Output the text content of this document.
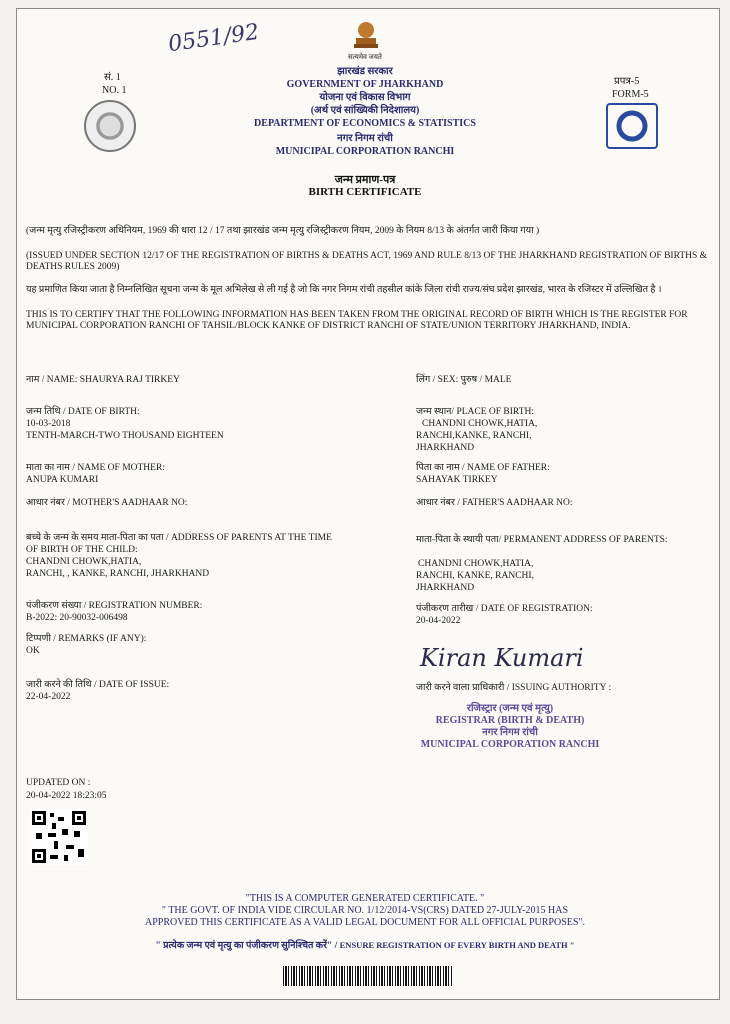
0551/92
सं. 1
NO. 1
प्रपत्र-5
FORM-5
सत्यमेव जयते
झारखंड सरकार
GOVERNMENT OF JHARKHAND
योजना एवं विकास विभाग
(अर्थ एवं सांख्यिकी निदेशालय)
DEPARTMENT OF ECONOMICS & STATISTICS
नगर निगम रांची
MUNICIPAL CORPORATION RANCHI
जन्म प्रमाण-पत्र
BIRTH CERTIFICATE
(जन्म मृत्यु रजिस्ट्रीकरण अधिनियम, 1969 की धारा 12 / 17 तथा झारखंड जन्म मृत्यु रजिस्ट्रीकरण नियम, 2009 के नियम 8/13 के अंतर्गत जारी किया गया )
(ISSUED UNDER SECTION 12/17 OF THE REGISTRATION OF BIRTHS & DEATHS ACT, 1969 AND RULE 8/13 OF THE JHARKHAND REGISTRATION OF BIRTHS & DEATHS RULES 2009)
यह प्रमाणित किया जाता है निम्नलिखित सूचना जन्म के मूल अभिलेख से ली गई है जो कि नगर निगम रांची तहसील कांके जिला रांची राज्य/संघ प्रदेश झारखंड, भारत के रजिस्टर में उल्लिखित है ।
THIS IS TO CERTIFY THAT THE FOLLOWING INFORMATION HAS BEEN TAKEN FROM THE ORIGINAL RECORD OF BIRTH WHICH IS THE REGISTER FOR MUNICIPAL CORPORATION RANCHI OF TAHSIL/BLOCK KANKE OF DISTRICT RANCHI OF STATE/UNION TERRITORY JHARKHAND, INDIA.
नाम / NAME: SHAURYA RAJ TIRKEY	लिंग / SEX: पुरुष / MALE
जन्म तिथि / DATE OF BIRTH:
10-03-2018
TENTH-MARCH-TWO THOUSAND EIGHTEEN
जन्म स्थान/ PLACE OF BIRTH:
CHANDNI CHOWK,HATIA,
RANCHI,KANKE, RANCHI,
JHARKHAND
माता का नाम / NAME OF MOTHER:
ANUPA KUMARI
पिता का नाम / NAME OF FATHER:
SAHAYAK TIRKEY
आधार नंबर / MOTHER'S AADHAAR NO:	आधार नंबर / FATHER'S AADHAAR NO:
बच्चे के जन्म के समय माता-पिता का पता / ADDRESS OF PARENTS AT THE TIME
OF BIRTH OF THE CHILD:
CHANDNI CHOWK,HATIA,
RANCHI, , KANKE, RANCHI, JHARKHAND
माता-पिता के स्थायी पता/ PERMANENT ADDRESS OF PARENTS:
CHANDNI CHOWK,HATIA,
RANCHI, KANKE, RANCHI,
JHARKHAND
पंजीकरण संख्या / REGISTRATION NUMBER:
B-2022: 20-90032-006498
पंजीकरण तारीख / DATE OF REGISTRATION:
20-04-2022
टिप्पणी / REMARKS (IF ANY):
OK	Kiran Kumari
जारी करने की तिथि / DATE OF ISSUE:
22-04-2022
जारी करने वाला प्राधिकारी / ISSUING AUTHORITY :
रजिस्ट्रार (जन्म एवं मृत्यु)
REGISTRAR (BIRTH & DEATH)
नगर निगम रांची
MUNICIPAL CORPORATION RANCHI
UPDATED ON :
20-04-2022 18:23:05
"THIS IS A COMPUTER GENERATED CERTIFICATE. "
" THE GOVT. OF INDIA VIDE CIRCULAR NO. 1/12/2014-VS(CRS) DATED 27-JULY-2015 HAS
APPROVED THIS CERTIFICATE AS A VALID LEGAL DOCUMENT FOR ALL OFFICIAL PURPOSES".
" प्रत्येक जन्म एवं मृत्यु का पंजीकरण सुनिश्चित करें" / ENSURE REGISTRATION OF EVERY BIRTH AND DEATH "
